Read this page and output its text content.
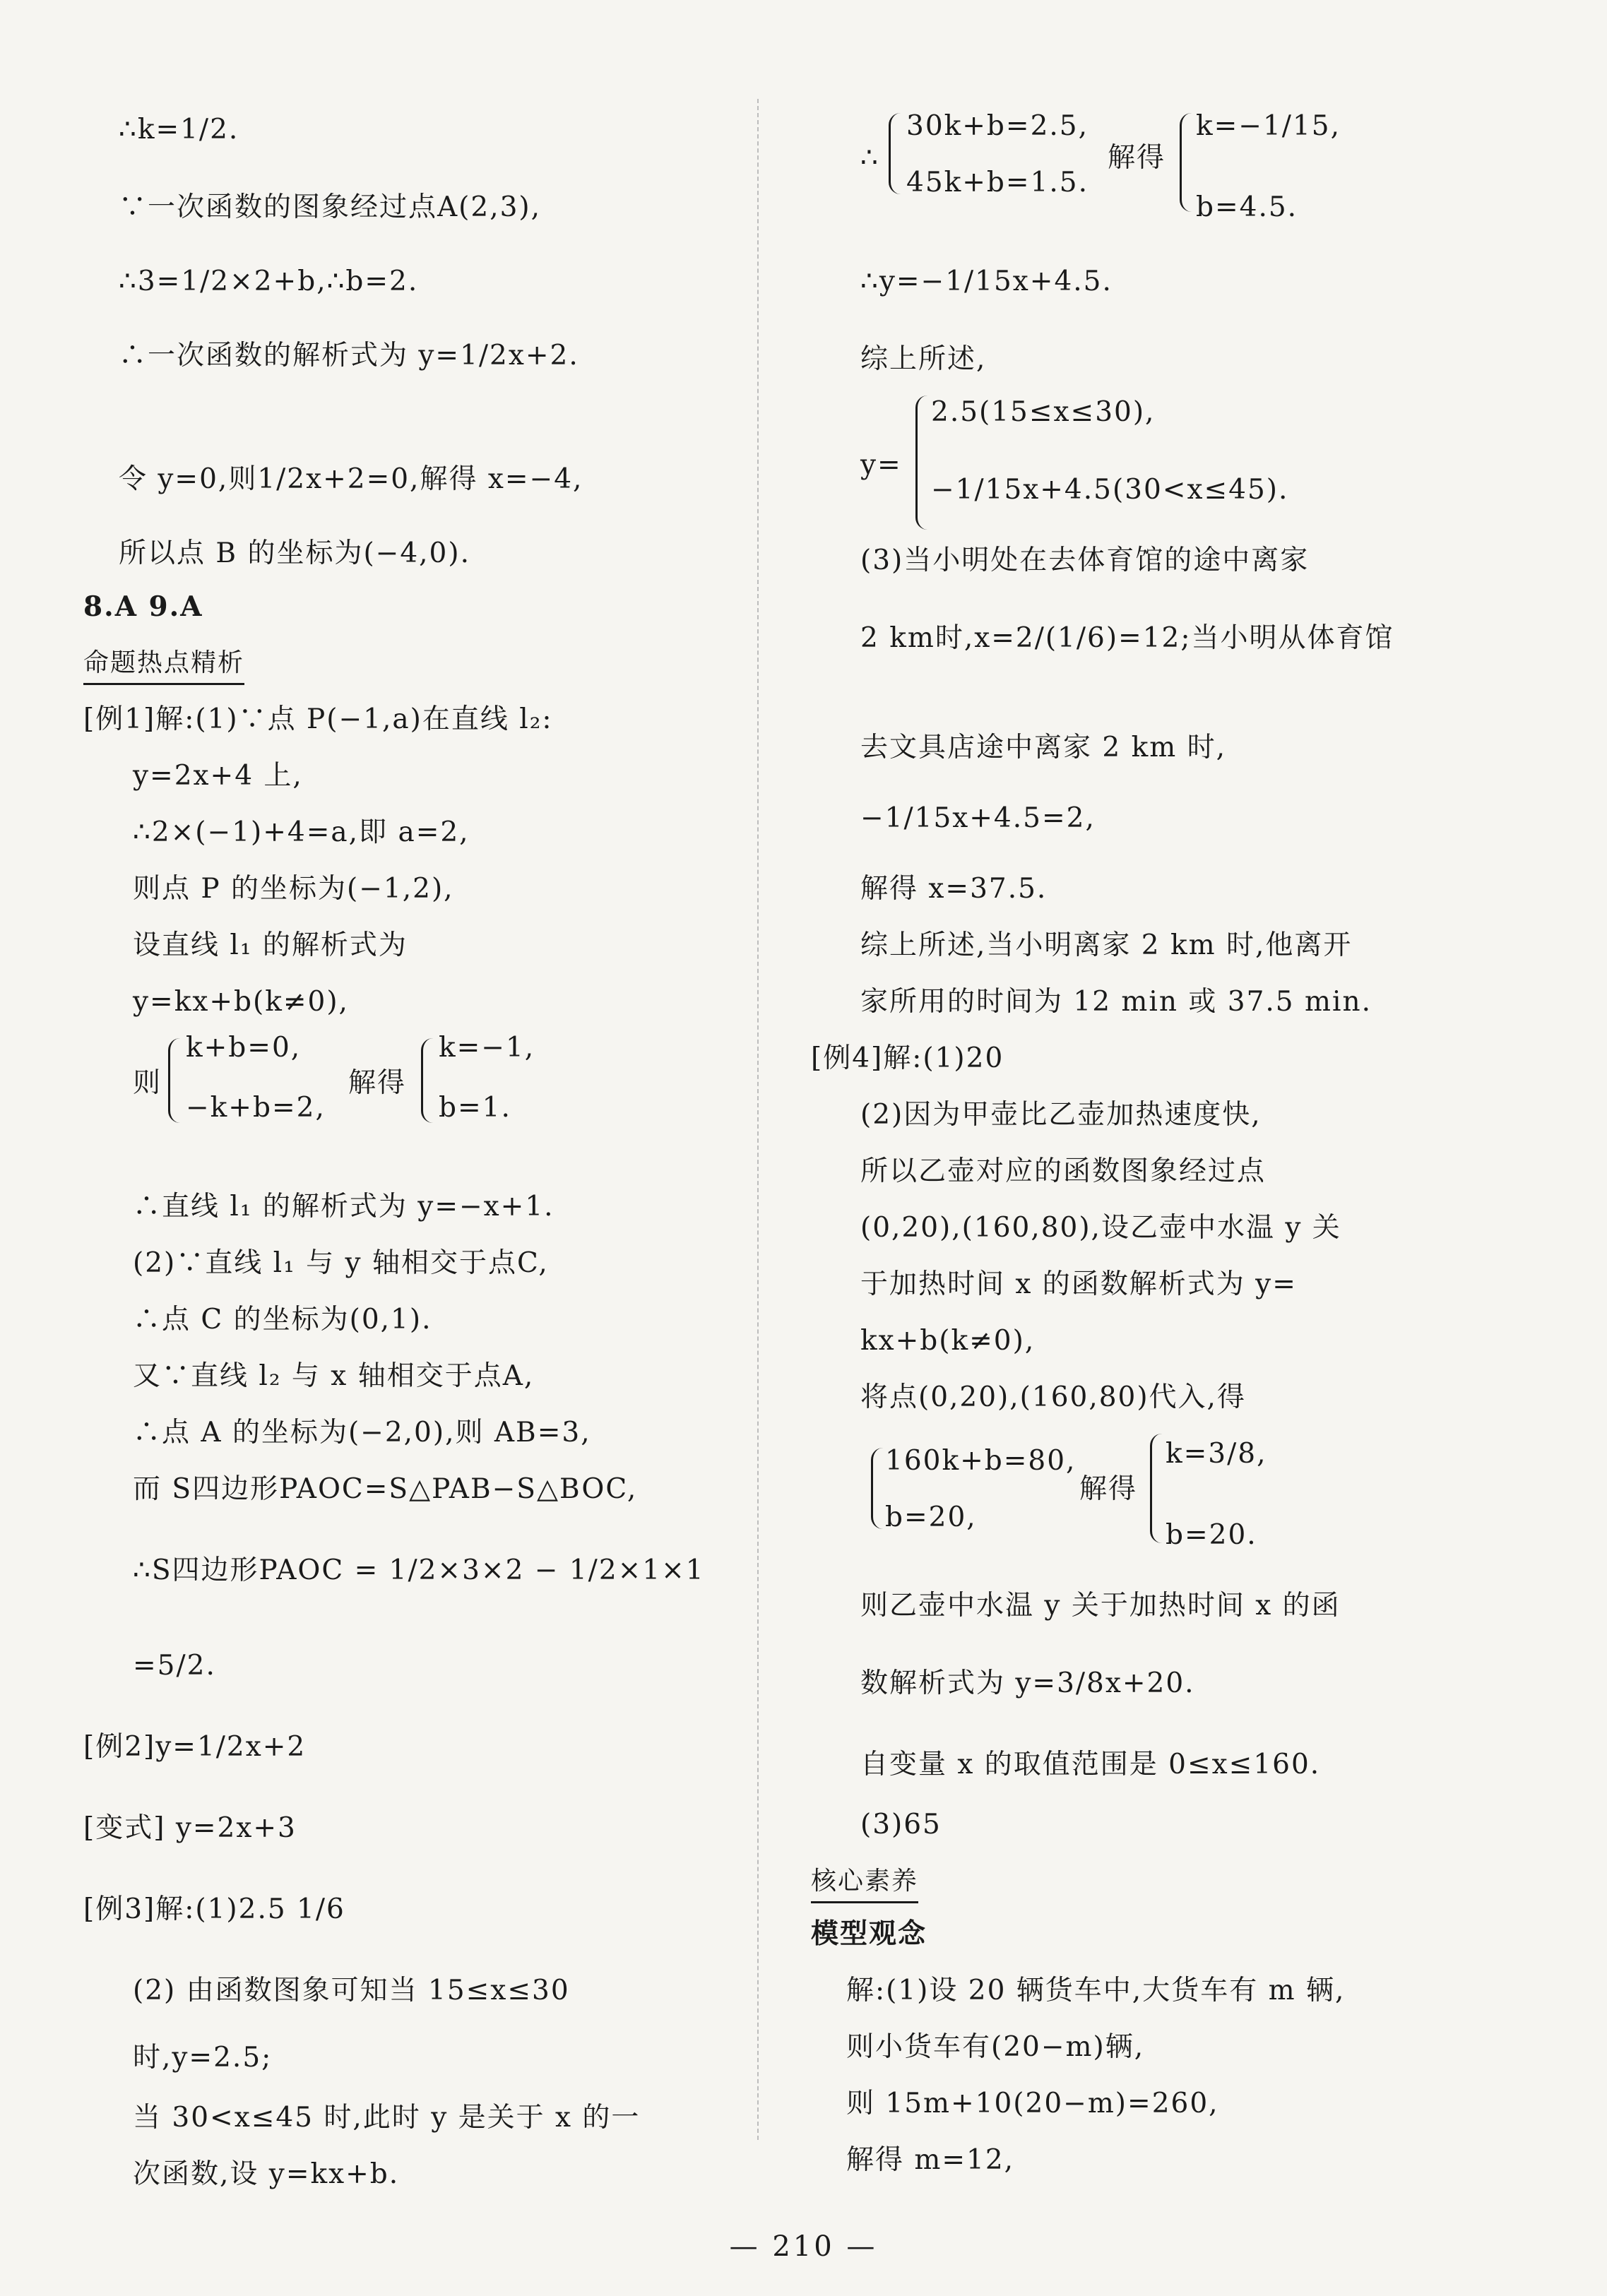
∴k=1/2.
∵一次函数的图象经过点A(2,3),
∴3=1/2×2+b,∴b=2.
∴一次函数的解析式为 y=1/2x+2.
令 y=0,则1/2x+2=0,解得 x=−4,
所以点 B 的坐标为(−4,0).
8.A 9.A
命题热点精析
[例1]解:(1)∵点 P(−1,a)在直线 l₂:
y=2x+4 上,
∴2×(−1)+4=a,即 a=2,
则点 P 的坐标为(−1,2),
设直线 l₁ 的解析式为
y=kx+b(k≠0),
则
k+b=0,
−k+b=2,
解得
k=−1,
b=1.
∴直线 l₁ 的解析式为 y=−x+1.
(2)∵直线 l₁ 与 y 轴相交于点C,
∴点 C 的坐标为(0,1).
又∵直线 l₂ 与 x 轴相交于点A,
∴点 A 的坐标为(−2,0),则 AB=3,
而 S四边形PAOC=S△PAB−S△BOC,
∴S四边形PAOC = 1/2×3×2 − 1/2×1×1
=5/2.
[例2]y=1/2x+2
[变式] y=2x+3
[例3]解:(1)2.5 1/6
(2) 由函数图象可知当 15≤x≤30
时,y=2.5;
当 30<x≤45 时,此时 y 是关于 x 的一
次函数,设 y=kx+b.
∴
30k+b=2.5,
45k+b=1.5.
解得
k=−1/15,
b=4.5.
∴y=−1/15x+4.5.
综上所述,
y=
2.5(15≤x≤30),
−1/15x+4.5(30<x≤45).
(3)当小明处在去体育馆的途中离家
2 km时,x=2/(1/6)=12;当小明从体育馆
去文具店途中离家 2 km 时,
−1/15x+4.5=2,
解得 x=37.5.
综上所述,当小明离家 2 km 时,他离开
家所用的时间为 12 min 或 37.5 min.
[例4]解:(1)20
(2)因为甲壶比乙壶加热速度快,
所以乙壶对应的函数图象经过点
(0,20),(160,80),设乙壶中水温 y 关
于加热时间 x 的函数解析式为 y=
kx+b(k≠0),
将点(0,20),(160,80)代入,得
160k+b=80,
b=20,
解得
k=3/8,
b=20.
则乙壶中水温 y 关于加热时间 x 的函
数解析式为 y=3/8x+20.
自变量 x 的取值范围是 0≤x≤160.
(3)65
核心素养
模型观念
解:(1)设 20 辆货车中,大货车有 m 辆,
则小货车有(20−m)辆,
则 15m+10(20−m)=260,
解得 m=12,
— 210 —
